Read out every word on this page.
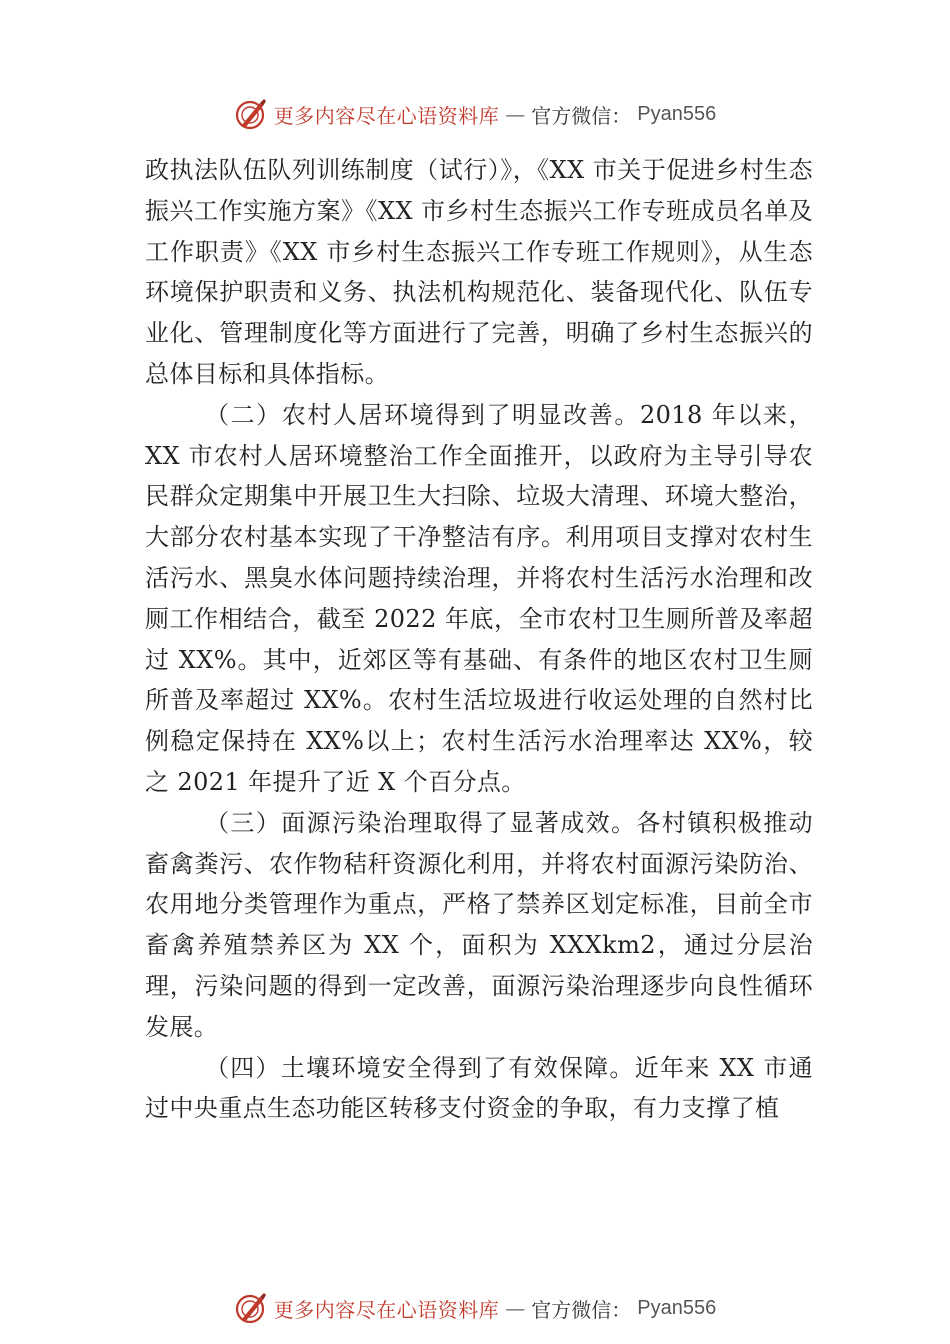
更多内容尽在心语资料库 — 官方微信： Pyan556

政执法队伍队列训练制度（试行）》，《XX 市关于促进乡村生态振兴工作实施方案》《XX 市乡村生态振兴工作专班成员名单及工作职责》《XX 市乡村生态振兴工作专班工作规则》，从生态环境保护职责和义务、执法机构规范化、装备现代化、队伍专业化、管理制度化等方面进行了完善，明确了乡村生态振兴的总体目标和具体指标。

（二）农村人居环境得到了明显改善。2018 年以来，XX 市农村人居环境整治工作全面推开，以政府为主导引导农民群众定期集中开展卫生大扫除、垃圾大清理、环境大整治，大部分农村基本实现了干净整洁有序。利用项目支撑对农村生活污水、黑臭水体问题持续治理，并将农村生活污水治理和改厕工作相结合，截至 2022 年底，全市农村卫生厕所普及率超过 XX%。其中，近郊区等有基础、有条件的地区农村卫生厕所普及率超过 XX%。农村生活垃圾进行收运处理的自然村比例稳定保持在 XX%以上；农村生活污水治理率达 XX%，较之 2021 年提升了近 X 个百分点。

（三）面源污染治理取得了显著成效。各村镇积极推动畜禽粪污、农作物秸秆资源化利用，并将农村面源污染防治、农用地分类管理作为重点，严格了禁养区划定标准，目前全市畜禽养殖禁养区为 XX 个，面积为 XXXkm2，通过分层治理，污染问题的得到一定改善，面源污染治理逐步向良性循环发展。

（四）土壤环境安全得到了有效保障。近年来 XX 市通过中央重点生态功能区转移支付资金的争取，有力支撑了植

更多内容尽在心语资料库 — 官方微信： Pyan556
